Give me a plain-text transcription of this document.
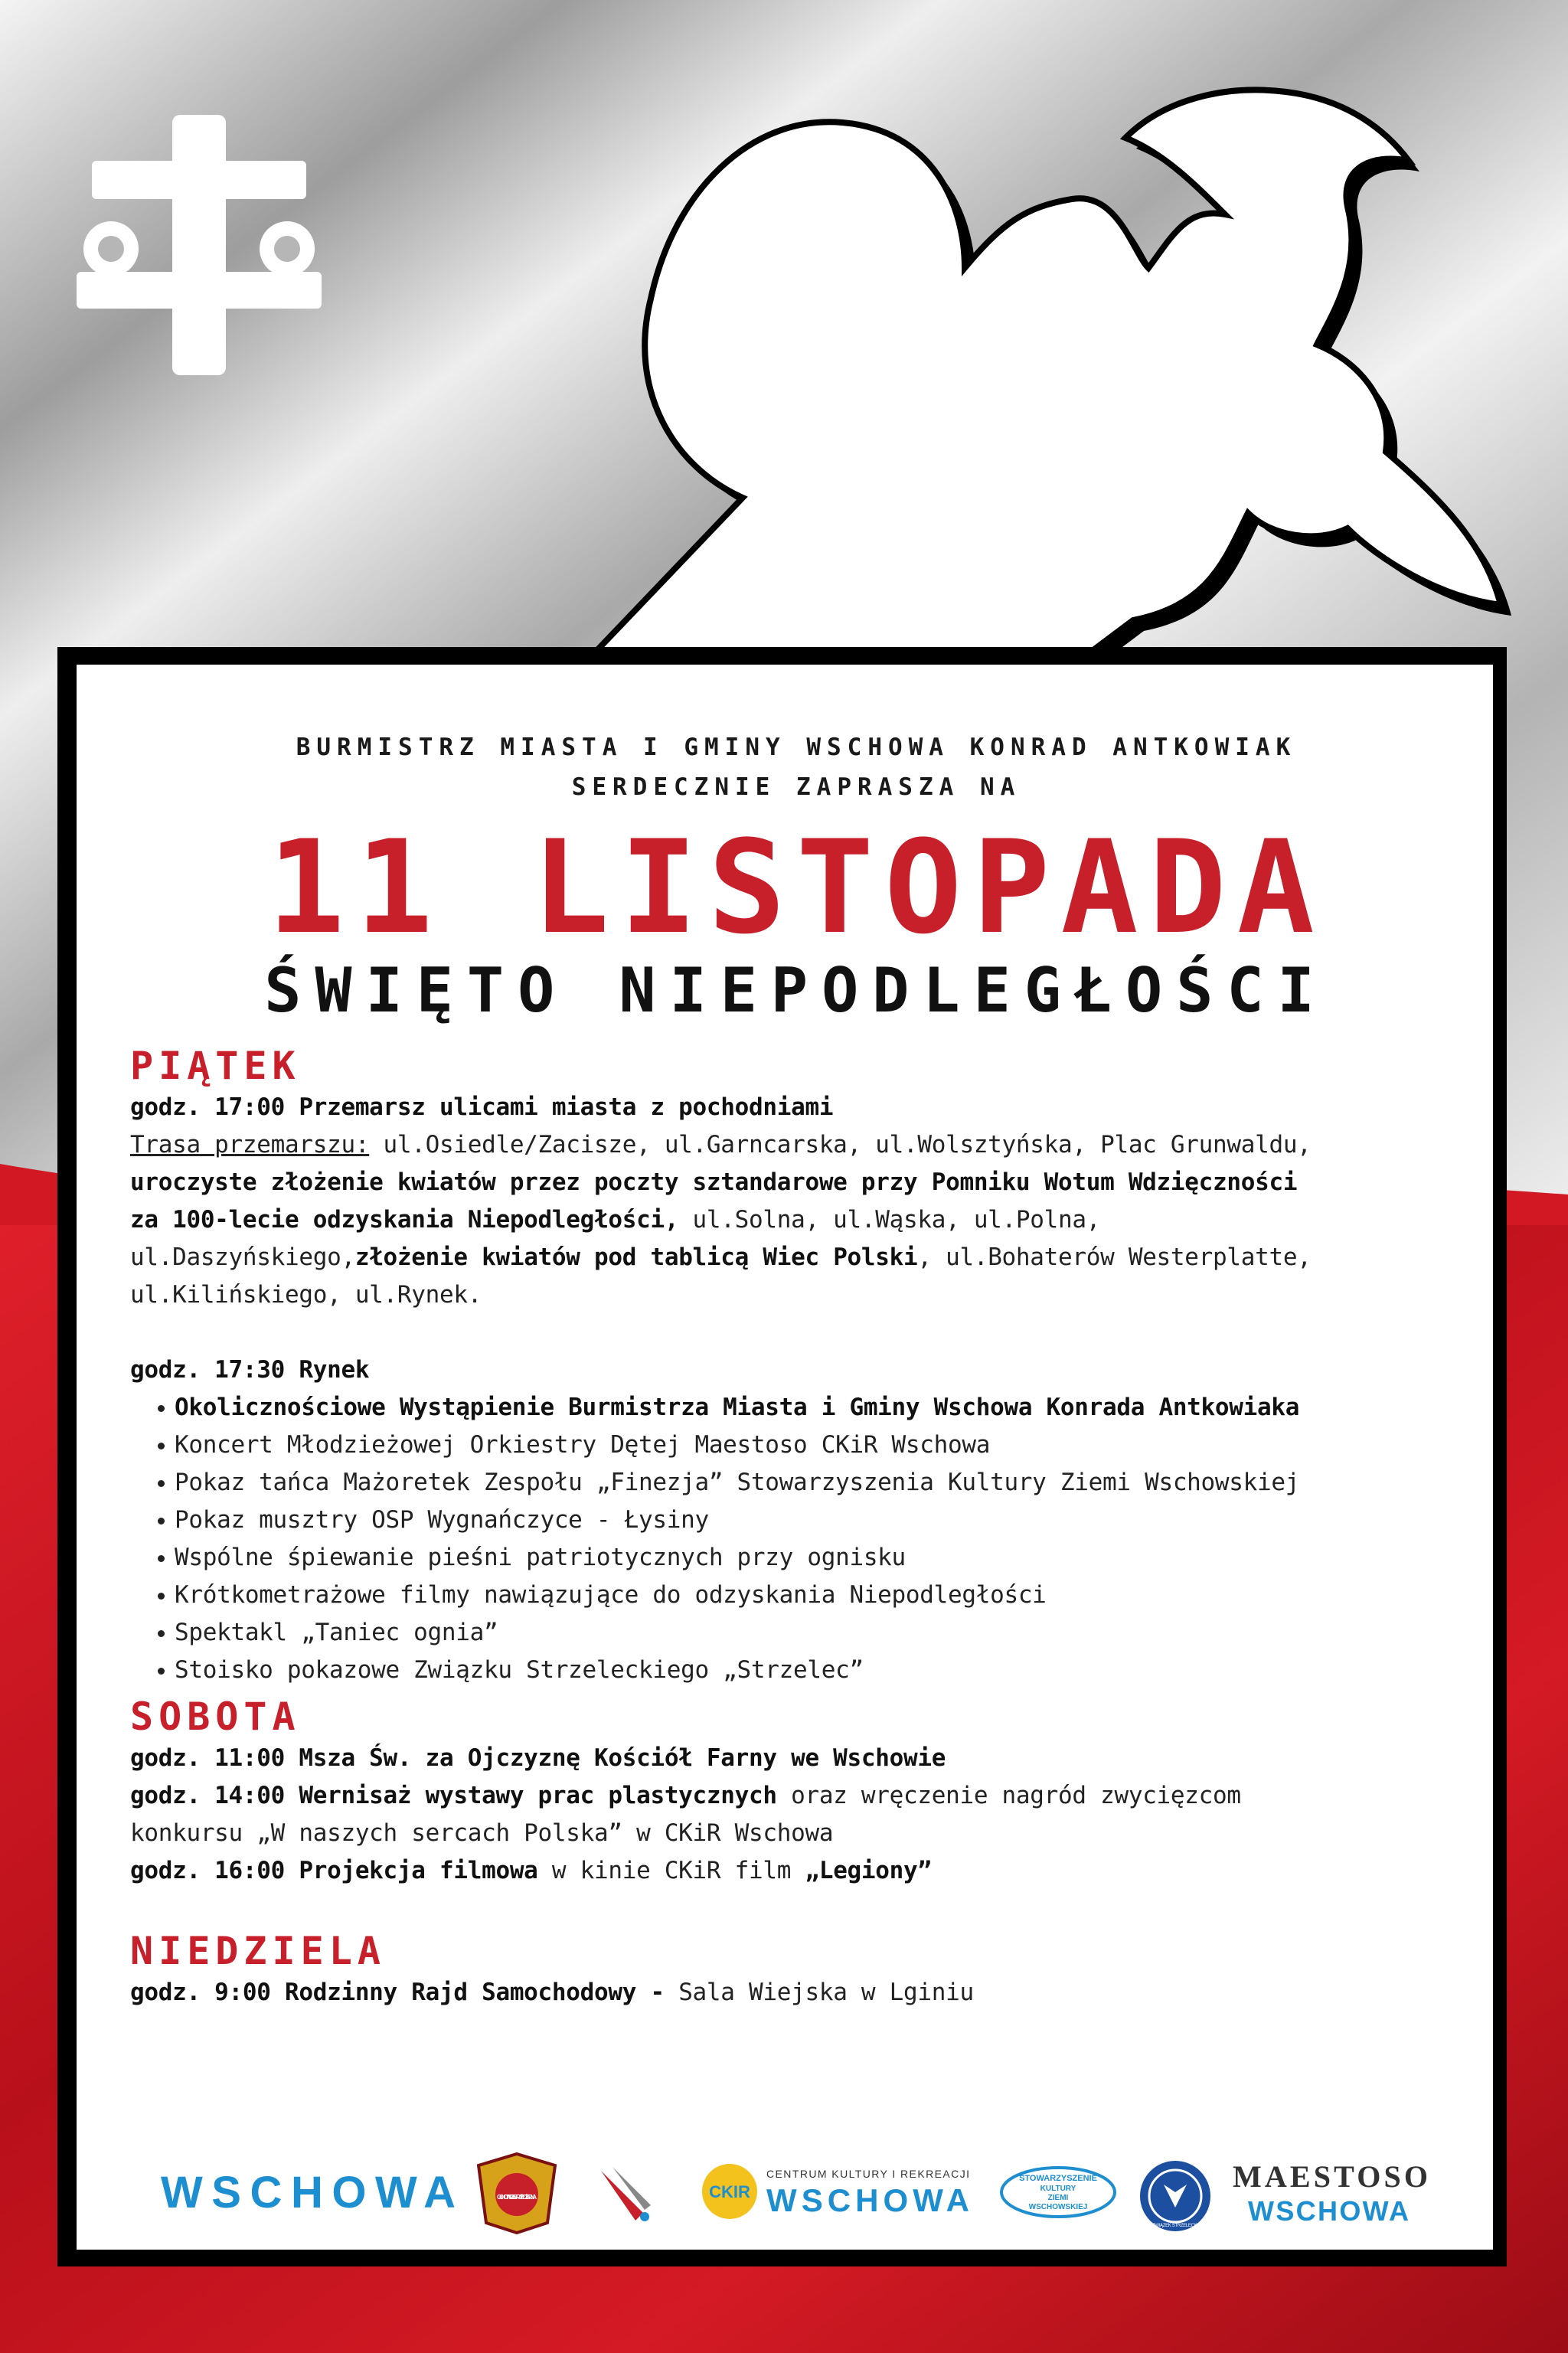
BURMISTRZ MIASTA I GMINY WSCHOWA KONRAD ANTKOWIAK

SERDECZNIE ZAPRASZA NA

11 LISTOPADA
ŚWIĘTO NIEPODLEGŁOŚCI
PIĄTEK

godz. 17:00 Przemarsz ulicami miasta z pochodniami

Trasa przemarszu: ul.Osiedle/Zacisze, ul.Garncarska, ul.Wolsztyńska, Plac Grunwaldu,

uroczyste złożenie kwiatów przez poczty sztandarowe przy Pomniku Wotum Wdzięczności

za 100-lecie odzyskania Niepodległości, ul.Solna, ul.Wąska, ul.Polna,

ul.Daszyńskiego,złożenie kwiatów pod tablicą Wiec Polski, ul.Bohaterów Westerplatte,

ul.Kilińskiego, ul.Rynek.

godz. 17:30 Rynek

Okolicznościowe Wystąpienie Burmistrza Miasta i Gminy Wschowa Konrada Antkowiaka
Koncert Młodzieżowej Orkiestry Dętej Maestoso CKiR Wschowa
Pokaz tańca Mażoretek Zespołu „Finezja” Stowarzyszenia Kultury Ziemi Wschowskiej
Pokaz musztry OSP Wygnańczyce - Łysiny
Wspólne śpiewanie pieśni patriotycznych przy ognisku
Krótkometrażowe filmy nawiązujące do odzyskania Niepodległości
Spektakl „Taniec ognia”
Stoisko pokazowe Związku Strzeleckiego „Strzelec”
SOBOTA

godz. 11:00 Msza Św. za Ojczyznę Kościół Farny we Wschowie

godz. 14:00 Wernisaż wystawy prac plastycznych oraz wręczenie nagród zwycięzcom

konkursu „W naszych sercach Polska” w CKiR Wschowa

godz. 16:00 Projekcja filmowa w kinie CKiR film „Legiony”

NIEDZIELA

godz. 9:00 Rodzinny Rajd Samochodowy - Sala Wiejska w Lginiu

WSCHOWA	OCHOTNICZA STRAŻ POŻARNA	CKIR
CENTRUM KULTURY I REKREACJI
WSCHOWA
STOWARZYSZENIE
KULTURY
ZIEMI
WSCHOWSKIEJ
ZWIĄZEK STRZELECKI
MAESTOSO
WSCHOWA
